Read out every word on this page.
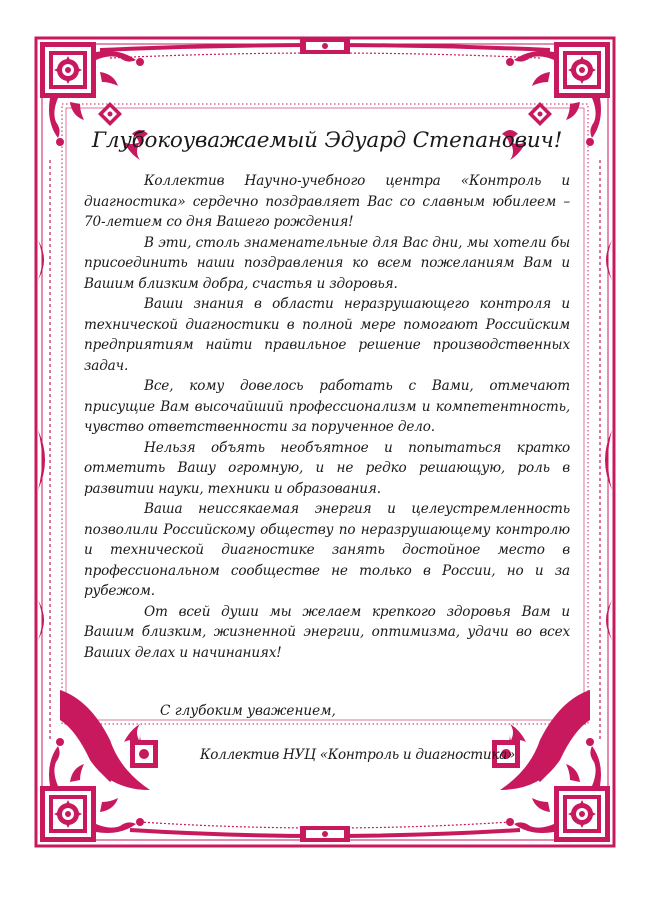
Глубокоуважаемый Эдуард Степанович!

Коллектив Научно-учебного центра «Контроль и диагностика» сердечно поздравляет Вас со славным юбилеем – 70-летием со дня Вашего рождения!

В эти, столь знаменательные для Вас дни, мы хотели бы присоединить наши поздравления ко всем пожеланиям Вам и Вашим близким добра, счастья и здоровья.

Ваши знания в области неразрушающего контроля и технической диагностики в полной мере помогают Российским предприятиям найти правильное решение производственных задач.

Все, кому довелось работать с Вами, отмечают присущие Вам высочайший профессионализм и компетентность, чувство ответственности за порученное дело.

Нельзя объять необъятное и попытаться кратко отметить Вашу огромную, и не редко решающую, роль в развитии науки, техники и образования.

Ваша неиссякаемая энергия и целеустремленность позволили Российскому обществу по неразрушающему контролю и технической диагностике занять достойное место в профессиональном сообществе не только в России, но и за рубежом.

От всей души мы желаем крепкого здоровья Вам и Вашим близким, жизненной энергии, оптимизма, удачи во всех Ваших делах и начинаниях!

С глубоким уважением,
Коллектив НУЦ «Контроль и диагностика»
